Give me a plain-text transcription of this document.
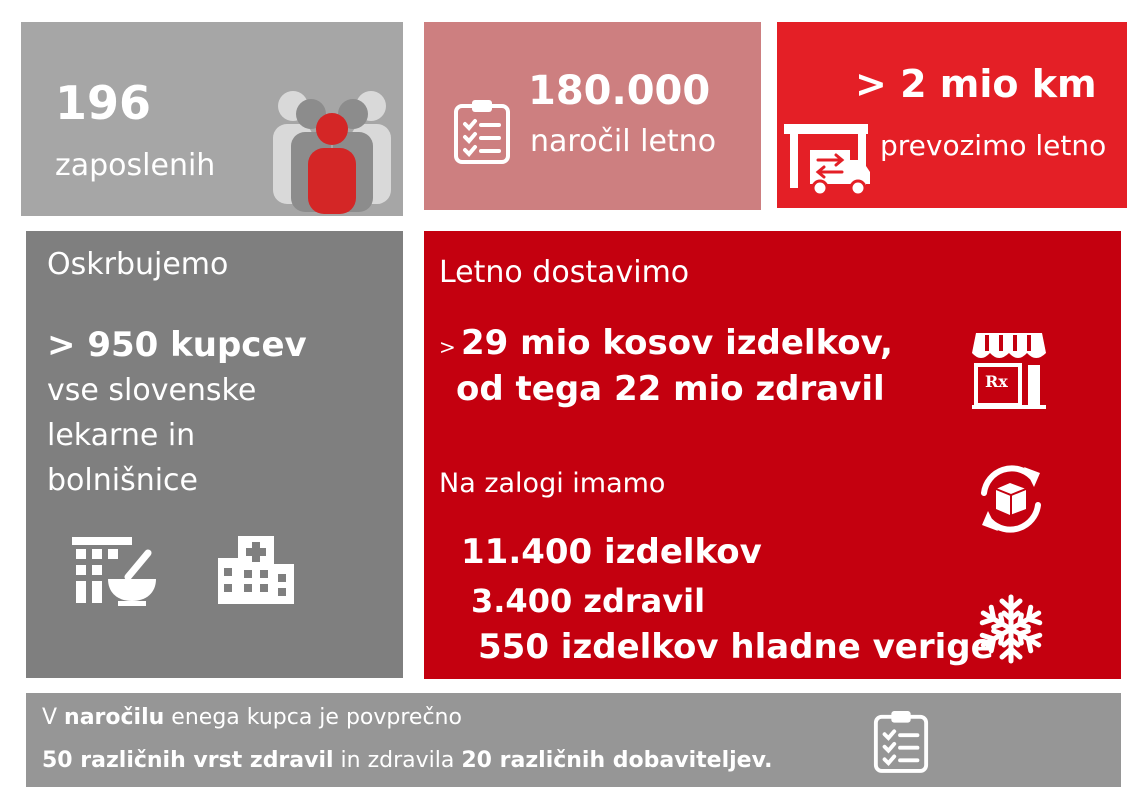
196
zaposlenih
180.000
naročil letno
> 2 mio km
prevozimo letno
Oskrbujemo
> 950 kupcev
vse slovenske
lekarne in
bolnišnice
Letno dostavimo
> 29 mio kosov izdelkov,
od tega 22 mio zdravil
Na zalogi imamo
11.400 izdelkov
3.400 zdravil
550 izdelkov hladne verige
Rx
V naročilu enega kupca je povprečno
50 različnih vrst zdravil in zdravila 20 različnih dobaviteljev.
